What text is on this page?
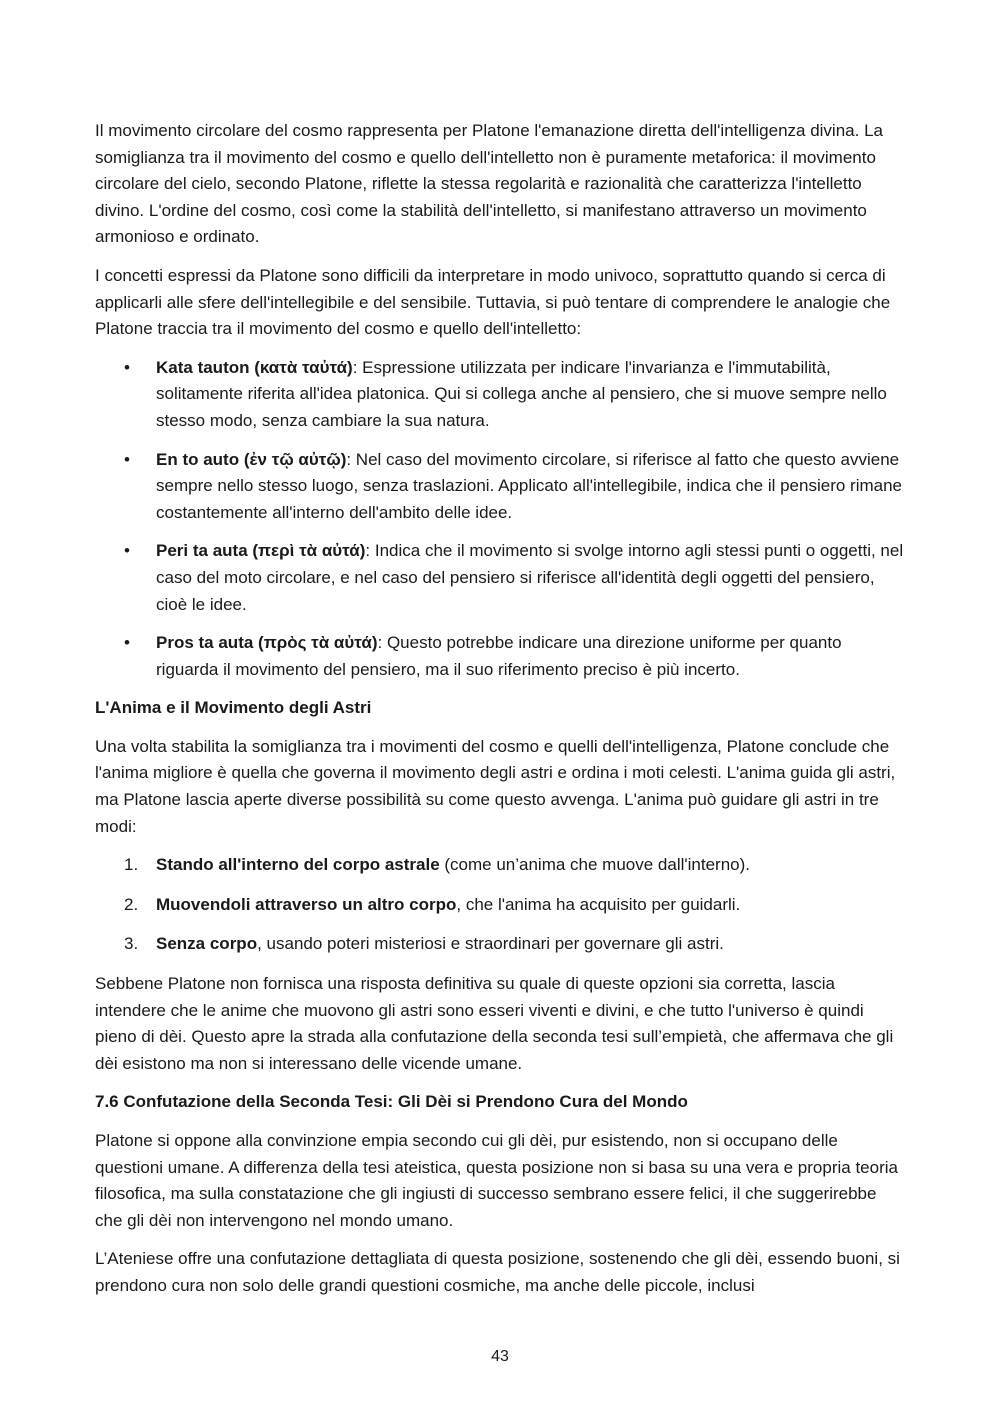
Il movimento circolare del cosmo rappresenta per Platone l'emanazione diretta dell'intelligenza divina. La somiglianza tra il movimento del cosmo e quello dell'intelletto non è puramente metaforica: il movimento circolare del cielo, secondo Platone, riflette la stessa regolarità e razionalità che caratterizza l'intelletto divino. L'ordine del cosmo, così come la stabilità dell'intelletto, si manifestano attraverso un movimento armonioso e ordinato.

I concetti espressi da Platone sono difficili da interpretare in modo univoco, soprattutto quando si cerca di applicarli alle sfere dell'intellegibile e del sensibile. Tuttavia, si può tentare di comprendere le analogie che Platone traccia tra il movimento del cosmo e quello dell'intelletto:

• Kata tauton (κατὰ ταὐτά): Espressione utilizzata per indicare l'invarianza e l'immutabilità, solitamente riferita all'idea platonica. Qui si collega anche al pensiero, che si muove sempre nello stesso modo, senza cambiare la sua natura.
• En to auto (ἐν τῷ αὐτῷ): Nel caso del movimento circolare, si riferisce al fatto che questo avviene sempre nello stesso luogo, senza traslazioni. Applicato all'intellegibile, indica che il pensiero rimane costantemente all'interno dell'ambito delle idee.
• Peri ta auta (περὶ τὰ αὐτά): Indica che il movimento si svolge intorno agli stessi punti o oggetti, nel caso del moto circolare, e nel caso del pensiero si riferisce all'identità degli oggetti del pensiero, cioè le idee.
• Pros ta auta (πρὸς τὰ αὐτά): Questo potrebbe indicare una direzione uniforme per quanto riguarda il movimento del pensiero, ma il suo riferimento preciso è più incerto.
L'Anima e il Movimento degli Astri

Una volta stabilita la somiglianza tra i movimenti del cosmo e quelli dell'intelligenza, Platone conclude che l'anima migliore è quella che governa il movimento degli astri e ordina i moti celesti. L'anima guida gli astri, ma Platone lascia aperte diverse possibilità su come questo avvenga. L'anima può guidare gli astri in tre modi:

1. Stando all'interno del corpo astrale (come un’anima che muove dall'interno).
2. Muovendoli attraverso un altro corpo, che l'anima ha acquisito per guidarli.
3. Senza corpo, usando poteri misteriosi e straordinari per governare gli astri.

Sebbene Platone non fornisca una risposta definitiva su quale di queste opzioni sia corretta, lascia intendere che le anime che muovono gli astri sono esseri viventi e divini, e che tutto l'universo è quindi pieno di dèi. Questo apre la strada alla confutazione della seconda tesi sull’empietà, che affermava che gli dèi esistono ma non si interessano delle vicende umane.

7.6 Confutazione della Seconda Tesi: Gli Dèi si Prendono Cura del Mondo

Platone si oppone alla convinzione empia secondo cui gli dèi, pur esistendo, non si occupano delle questioni umane. A differenza della tesi ateistica, questa posizione non si basa su una vera e propria teoria filosofica, ma sulla constatazione che gli ingiusti di successo sembrano essere felici, il che suggerirebbe che gli dèi non intervengono nel mondo umano.

L’Ateniese offre una confutazione dettagliata di questa posizione, sostenendo che gli dèi, essendo buoni, si prendono cura non solo delle grandi questioni cosmiche, ma anche delle piccole, inclusi

43
